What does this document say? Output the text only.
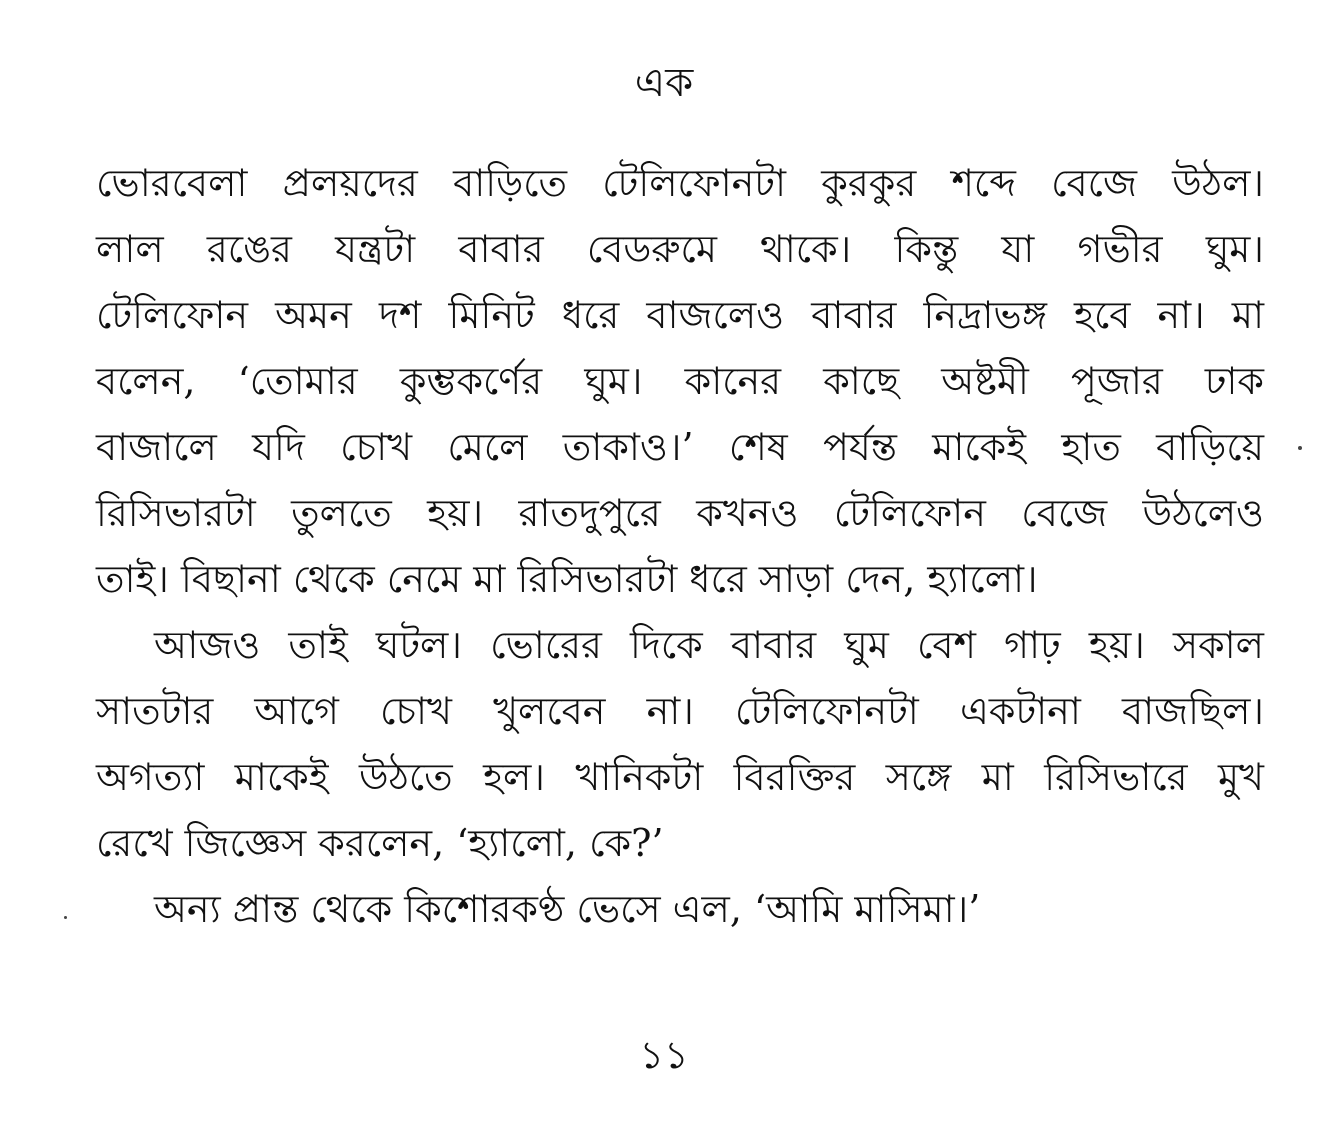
এক
ভোরবেলা প্রলয়দের বাড়িতে টেলিফোনটা কুরকুর শব্দে বেজে উঠল।
লাল রঙের যন্ত্রটা বাবার বেডরুমে থাকে। কিন্তু যা গভীর ঘুম।
টেলিফোন অমন দশ মিনিট ধরে বাজলেও বাবার নিদ্রাভঙ্গ হবে না। মা
বলেন, ‘তোমার কুম্ভকর্ণের ঘুম। কানের কাছে অষ্টমী পূজার ঢাক
বাজালে যদি চোখ মেলে তাকাও।’ শেষ পর্যন্ত মাকেই হাত বাড়িয়ে
রিসিভারটা তুলতে হয়। রাতদুপুরে কখনও টেলিফোন বেজে উঠলেও
তাই। বিছানা থেকে নেমে মা রিসিভারটা ধরে সাড়া দেন, হ্যালো।
আজও তাই ঘটল। ভোরের দিকে বাবার ঘুম বেশ গাঢ় হয়। সকাল
সাতটার আগে চোখ খুলবেন না। টেলিফোনটা একটানা বাজছিল।
অগত্যা মাকেই উঠতে হল। খানিকটা বিরক্তির সঙ্গে মা রিসিভারে মুখ
রেখে জিজ্ঞেস করলেন, ‘হ্যালো, কে?’
অন্য প্রান্ত থেকে কিশোরকণ্ঠ ভেসে এল, ‘আমি মাসিমা।’
১১
